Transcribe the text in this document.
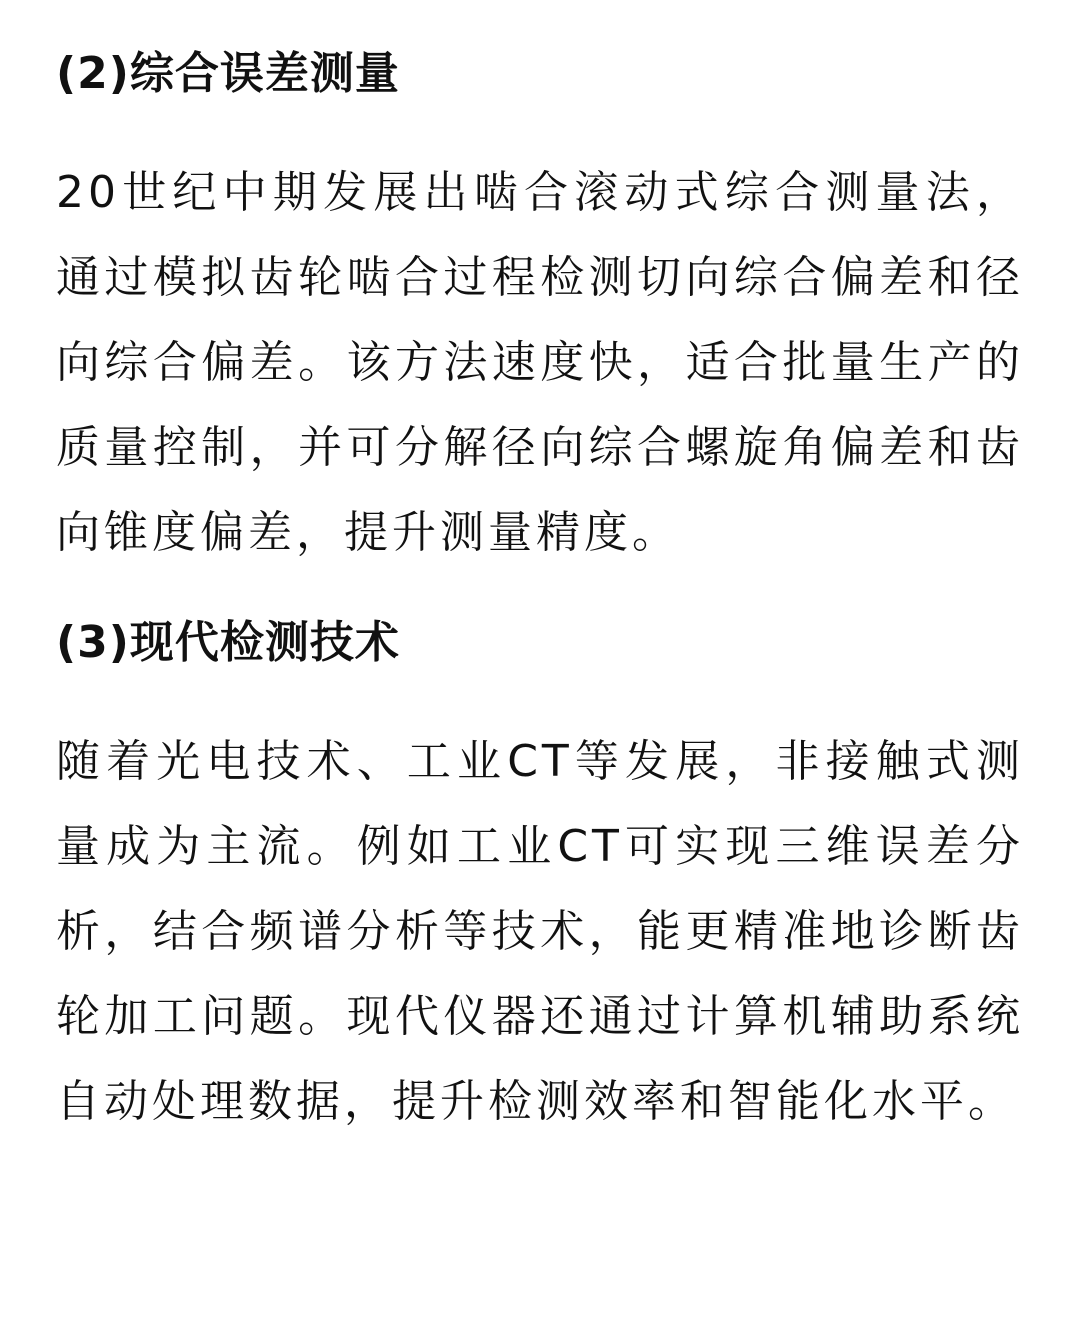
(2)综合误差测量

20世纪中期发展出啮合滚动式综合测量法，通过模拟齿轮啮合过程检测切向综合偏差和径向综合偏差。该方法速度快，适合批量生产的质量控制，并可分解径向综合螺旋角偏差和齿向锥度偏差，提升测量精度。

(3)现代检测技术

随着光电技术、工业CT等发展，非接触式测量成为主流。例如工业CT可实现三维误差分析，结合频谱分析等技术，能更精准地诊断齿轮加工问题。现代仪器还通过计算机辅助系统自动处理数据，提升检测效率和智能化水平。
